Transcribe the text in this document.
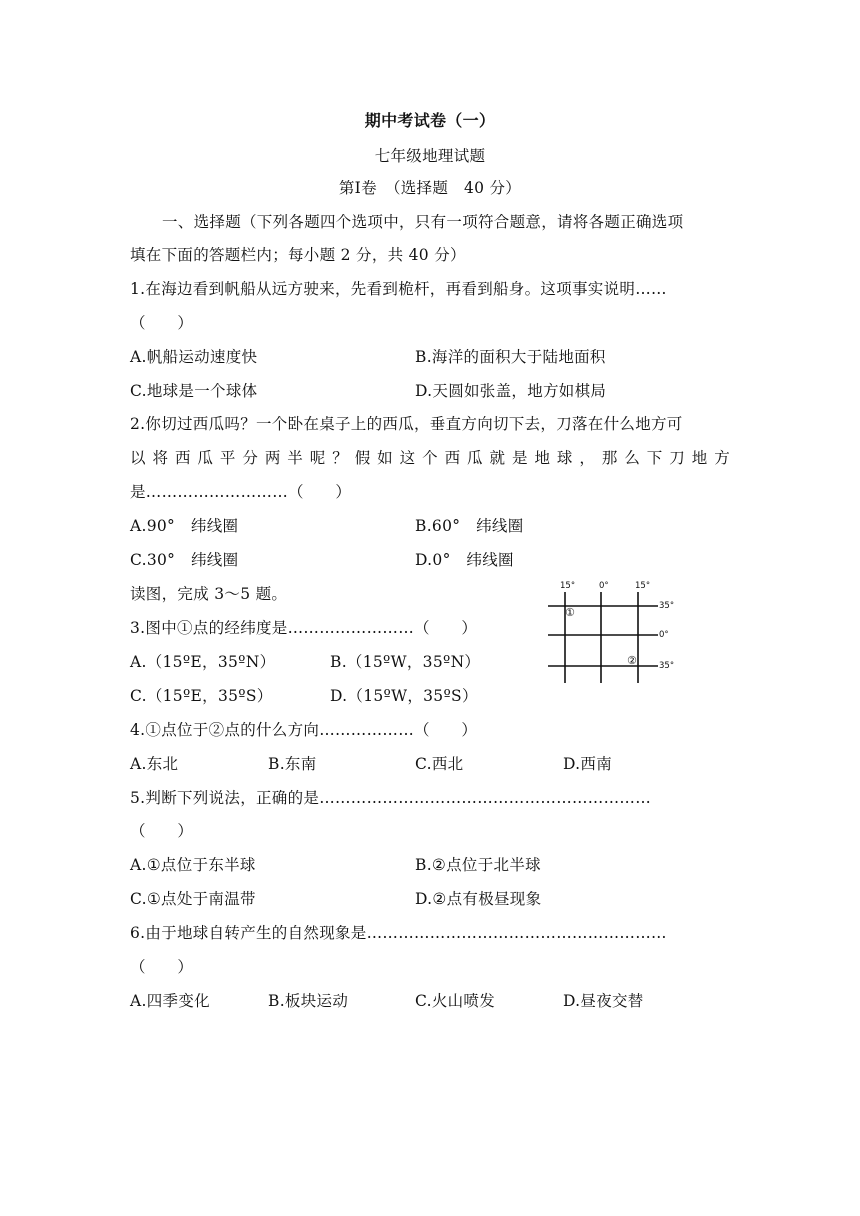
期中考试卷（一）
七年级地理试题
第Ⅰ卷　（选择题　40 分）
一、选择题（下列各题四个选项中，只有一项符合题意，请将各题正确选项
填在下面的答题栏内；每小题 2 分，共 40 分）
1.在海边看到帆船从远方驶来，先看到桅杆，再看到船身。这项事实说明……
（　　）
A.帆船运动速度快	B.海洋的面积大于陆地面积
C.地球是一个球体	D.天圆如张盖，地方如棋局
2.你切过西瓜吗？一个卧在桌子上的西瓜，垂直方向切下去，刀落在什么地方可
以将西瓜平分两半呢？假如这个西瓜就是地球，那么下刀地方
是………………………（　　）
A.90°　纬线圈	B.60°　纬线圈
C.30°　纬线圈	D.0°　纬线圈
读图，完成 3～5 题。
3.图中①点的经纬度是……………………（　　）
A.（15ºE，35ºN）	B.（15ºW，35ºN）
C.（15ºE，35ºS）	D.（15ºW，35ºS）
15°	0°	15°
35°
0°
35°
①
②
4.①点位于②点的什么方向………………（　　）
A.东北	B.东南	C.西北	D.西南
5.判断下列说法，正确的是………………………………………………………
（　　）
A.①点位于东半球	B.②点位于北半球
C.①点处于南温带	D.②点有极昼现象
6.由于地球自转产生的自然现象是…………………………………………………
（　　）
A.四季变化	B.板块运动	C.火山喷发	D.昼夜交替
